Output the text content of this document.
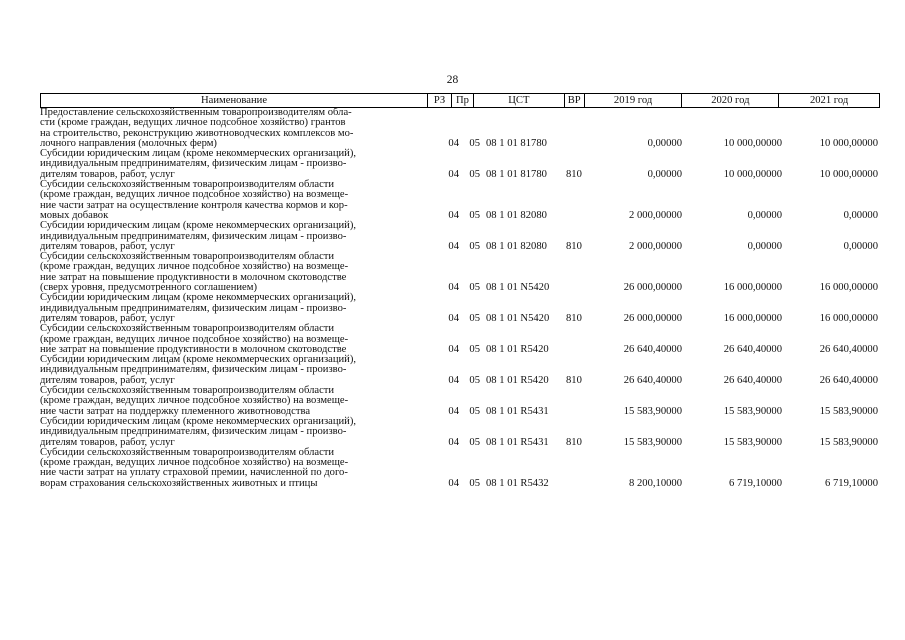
28
Наименование	РЗ	Пр	ЦСТ	ВР	2019 год	2020 год	2021 год
Предоставление сельскохозяйственным товаропроизводителям обла-
сти (кроме граждан, ведущих личное подсобное хозяйство) грантов
на строительство, реконструкцию животноводческих комплексов мо-
лочного направления (молочных ферм)	04 05 08 1 01 81780	0,00000	10 000,00000	10 000,00000
Субсидии юридическим лицам (кроме некоммерческих организаций),
индивидуальным предпринимателям, физическим лицам - произво-
дителям товаров, работ, услуг	04 05 08 1 01 81780	810	0,00000	10 000,00000	10 000,00000
Субсидии сельскохозяйственным товаропроизводителям области
(кроме граждан, ведущих личное подсобное хозяйство) на возмеще-
ние части затрат на осуществление контроля качества кормов и кор-
мовых добавок	04 05 08 1 01 82080	2 000,00000	0,00000	0,00000
Субсидии юридическим лицам (кроме некоммерческих организаций),
индивидуальным предпринимателям, физическим лицам - произво-
дителям товаров, работ, услуг	04 05 08 1 01 82080	810	2 000,00000	0,00000	0,00000
Субсидии сельскохозяйственным товаропроизводителям области
(кроме граждан, ведущих личное подсобное хозяйство) на возмеще-
ние затрат на повышение продуктивности в молочном скотоводстве
(сверх уровня, предусмотренного соглашением)	04 05 08 1 01 N5420	26 000,00000	16 000,00000	16 000,00000
Субсидии юридическим лицам (кроме некоммерческих организаций),
индивидуальным предпринимателям, физическим лицам - произво-
дителям товаров, работ, услуг	04 05 08 1 01 N5420	810	26 000,00000	16 000,00000	16 000,00000
Субсидии сельскохозяйственным товаропроизводителям области
(кроме граждан, ведущих личное подсобное хозяйство) на возмеще-
ние затрат на повышение продуктивности в молочном скотоводстве	04 05 08 1 01 R5420	26 640,40000	26 640,40000	26 640,40000
Субсидии юридическим лицам (кроме некоммерческих организаций),
индивидуальным предпринимателям, физическим лицам - произво-
дителям товаров, работ, услуг	04 05 08 1 01 R5420	810	26 640,40000	26 640,40000	26 640,40000
Субсидии сельскохозяйственным товаропроизводителям области
(кроме граждан, ведущих личное подсобное хозяйство) на возмеще-
ние части затрат на поддержку племенного животноводства	04 05 08 1 01 R5431	15 583,90000	15 583,90000	15 583,90000
Субсидии юридическим лицам (кроме некоммерческих организаций),
индивидуальным предпринимателям, физическим лицам - произво-
дителям товаров, работ, услуг	04 05 08 1 01 R5431	810	15 583,90000	15 583,90000	15 583,90000
Субсидии сельскохозяйственным товаропроизводителям области
(кроме граждан, ведущих личное подсобное хозяйство) на возмеще-
ние части затрат на уплату страховой премии, начисленной по дого-
ворам страхования сельскохозяйственных животных и птицы	04 05 08 1 01 R5432	8 200,10000	6 719,10000	6 719,10000
